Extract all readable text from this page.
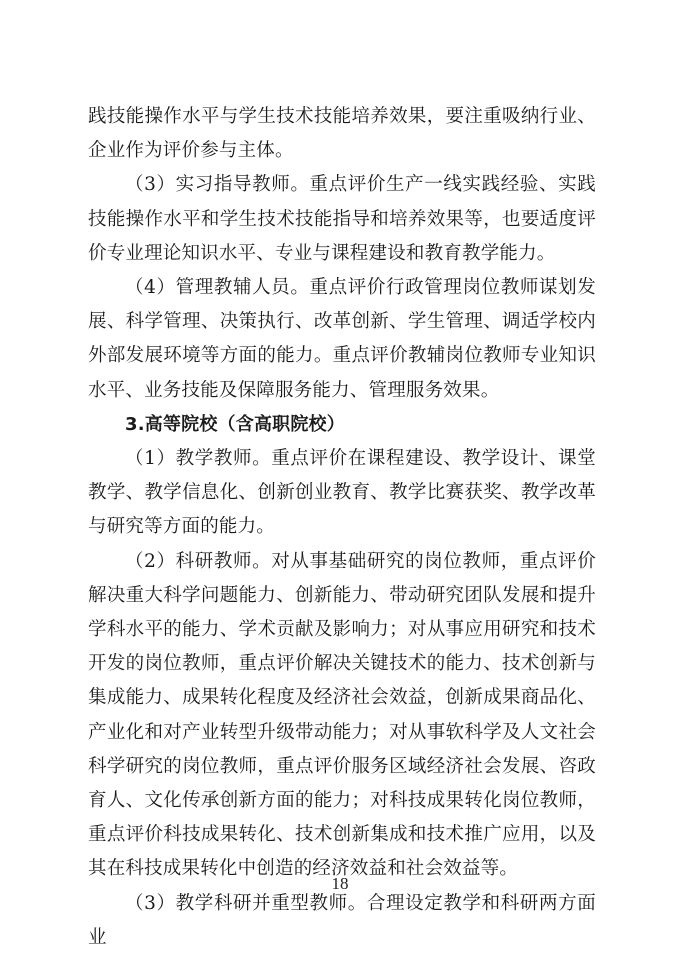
践技能操作水平与学生技术技能培养效果，要注重吸纳行业、企业作为评价参与主体。

（3）实习指导教师。重点评价生产一线实践经验、实践技能操作水平和学生技术技能指导和培养效果等，也要适度评价专业理论知识水平、专业与课程建设和教育教学能力。

（4）管理教辅人员。重点评价行政管理岗位教师谋划发展、科学管理、决策执行、改革创新、学生管理、调适学校内外部发展环境等方面的能力。重点评价教辅岗位教师专业知识水平、业务技能及保障服务能力、管理服务效果。

3.高等院校（含高职院校）

（1）教学教师。重点评价在课程建设、教学设计、课堂教学、教学信息化、创新创业教育、教学比赛获奖、教学改革与研究等方面的能力。

（2）科研教师。对从事基础研究的岗位教师，重点评价解决重大科学问题能力、创新能力、带动研究团队发展和提升学科水平的能力、学术贡献及影响力；对从事应用研究和技术开发的岗位教师，重点评价解决关键技术的能力、技术创新与集成能力、成果转化程度及经济社会效益，创新成果商品化、产业化和对产业转型升级带动能力；对从事软科学及人文社会科学研究的岗位教师，重点评价服务区域经济社会发展、咨政育人、文化传承创新方面的能力；对科技成果转化岗位教师，重点评价科技成果转化、技术创新集成和技术推广应用，以及其在科技成果转化中创造的经济效益和社会效益等。

（3）教学科研并重型教师。合理设定教学和科研两方面业

18
